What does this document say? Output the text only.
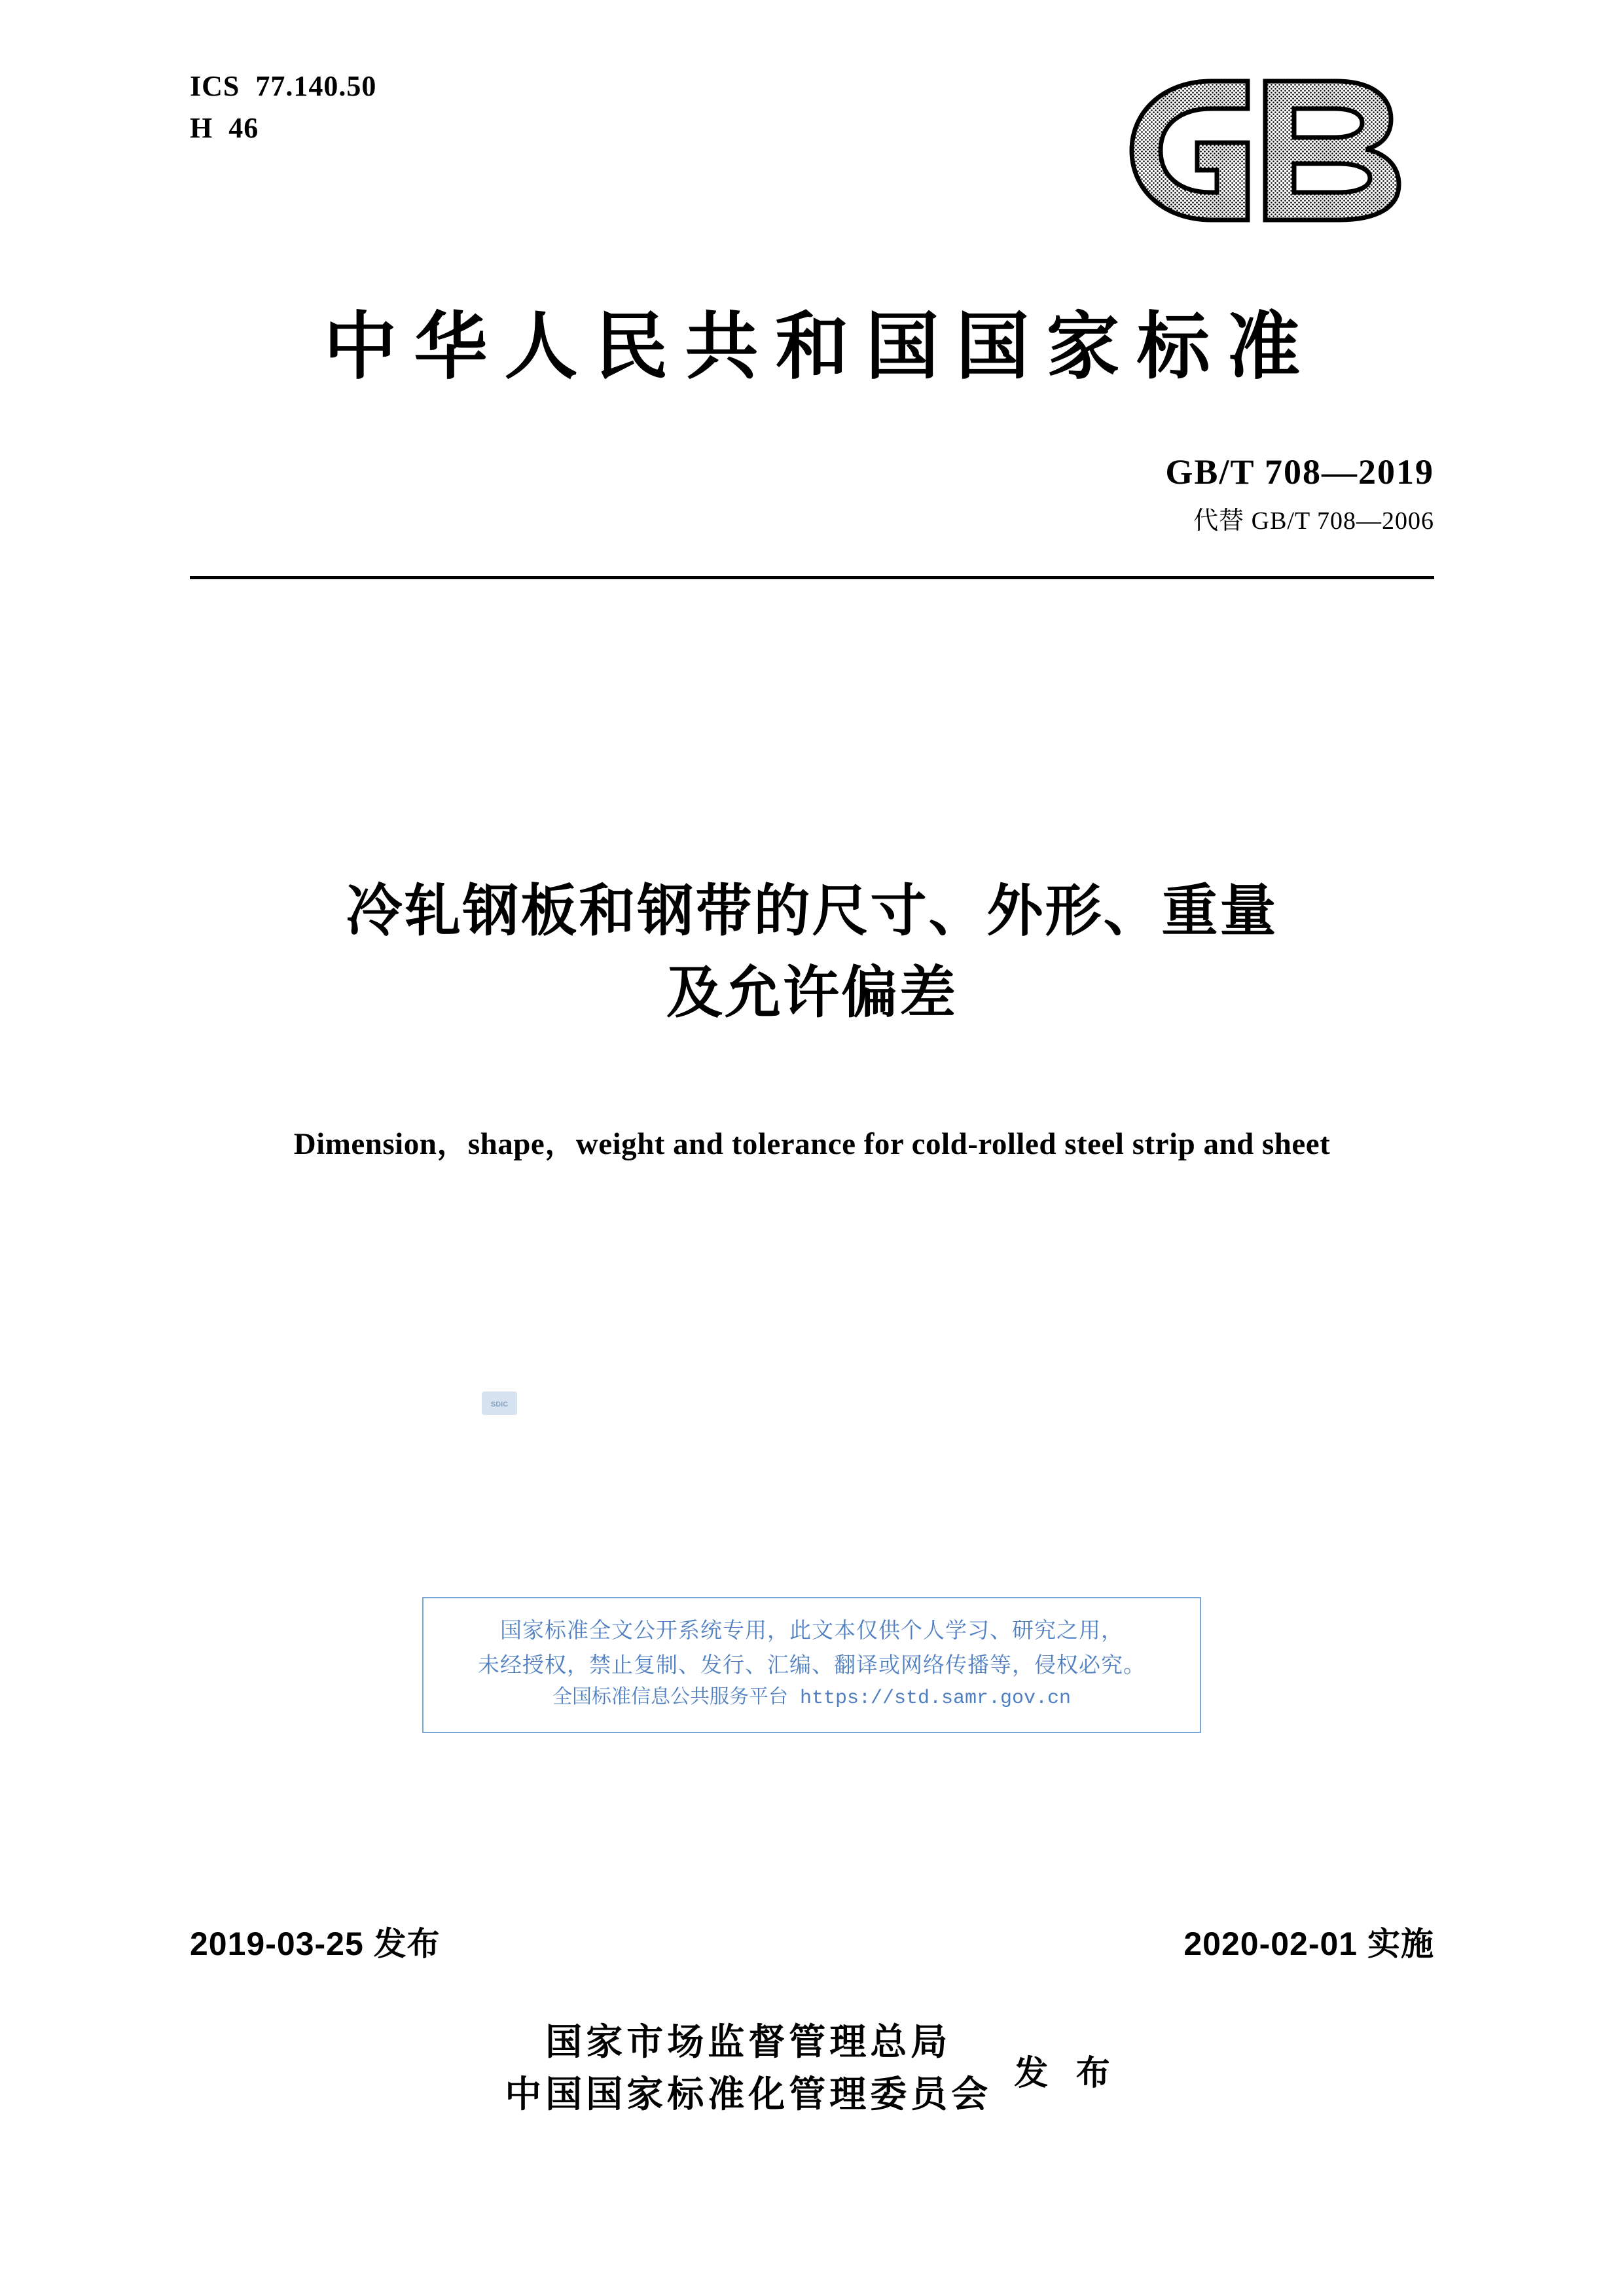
ICS  77.140.50
H  46
中华人民共和国国家标准
GB/T 708—2019
代替 GB/T 708—2006
冷轧钢板和钢带的尺寸、外形、重量
及允许偏差
Dimension，shape，weight and tolerance for cold-rolled steel strip and sheet
SDIC
国家标准全文公开系统专用，此文本仅供个人学习、研究之用，
未经授权，禁止复制、发行、汇编、翻译或网络传播等，侵权必究。
全国标准信息公共服务平台 https://std.samr.gov.cn
2019-03-25 发布	2020-02-01 实施
国家市场监督管理总局
中国国家标准化管理委员会 发 布
